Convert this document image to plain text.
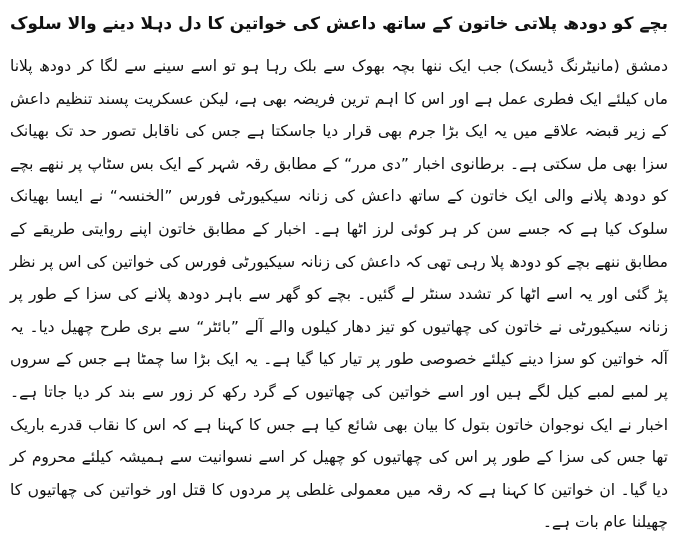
بچے کو دودھ پلاتی خاتون کے ساتھ داعش کی خواتین کا دل دہلا دینے والا سلوک

دمشق (مانیٹرنگ ڈیسک) جب ایک ننھا بچہ بھوک سے بلک رہا ہو تو اسے سینے سے لگا کر دودھ پلانا ماں کیلئے ایک فطری عمل ہے اور اس کا اہم ترین فریضہ بھی ہے، لیکن عسکریت پسند تنظیم داعش کے زیر قبضہ علاقے میں یہ ایک بڑا جرم بھی قرار دیا جاسکتا ہے جس کی ناقابل تصور حد تک بھیانک سزا بھی مل سکتی ہے۔ برطانوی اخبار ”دی مرر“ کے مطابق رقہ شہر کے ایک بس سٹاپ پر ننھے بچے کو دودھ پلانے والی ایک خاتون کے ساتھ داعش کی زنانہ سیکیورٹی فورس ”الخنسہ“ نے ایسا بھیانک سلوک کیا ہے کہ جسے سن کر ہر کوئی لرز اٹھا ہے۔ اخبار کے مطابق خاتون اپنے روایتی طریقے کے مطابق ننھے بچے کو دودھ پلا رہی تھی کہ داعش کی زنانہ سیکیورٹی فورس کی خواتین کی اس پر نظر پڑ گئی اور یہ اسے اٹھا کر تشدد سنٹر لے گئیں۔ بچے کو گھر سے باہر دودھ پلانے کی سزا کے طور پر زنانہ سیکیورٹی نے خاتون کی چھاتیوں کو تیز دھار کیلوں والے آلے ”بائٹر“ سے بری طرح چھیل دیا۔ یہ آلہ خواتین کو سزا دینے کیلئے خصوصی طور پر تیار کیا گیا ہے۔ یہ ایک بڑا سا چمٹا ہے جس کے سروں پر لمبے لمبے کیل لگے ہیں اور اسے خواتین کی چھاتیوں کے گرد رکھ کر زور سے بند کر دیا جاتا ہے۔ اخبار نے ایک نوجوان خاتون بتول کا بیان بھی شائع کیا ہے جس کا کہنا ہے کہ اس کا نقاب قدرے باریک تھا جس کی سزا کے طور پر اس کی چھاتیوں کو چھیل کر اسے نسوانیت سے ہمیشہ کیلئے محروم کر دیا گیا۔ ان خواتین کا کہنا ہے کہ رقہ میں معمولی غلطی پر مردوں کا قتل اور خواتین کی چھاتیوں کا چھیلنا عام بات ہے۔
